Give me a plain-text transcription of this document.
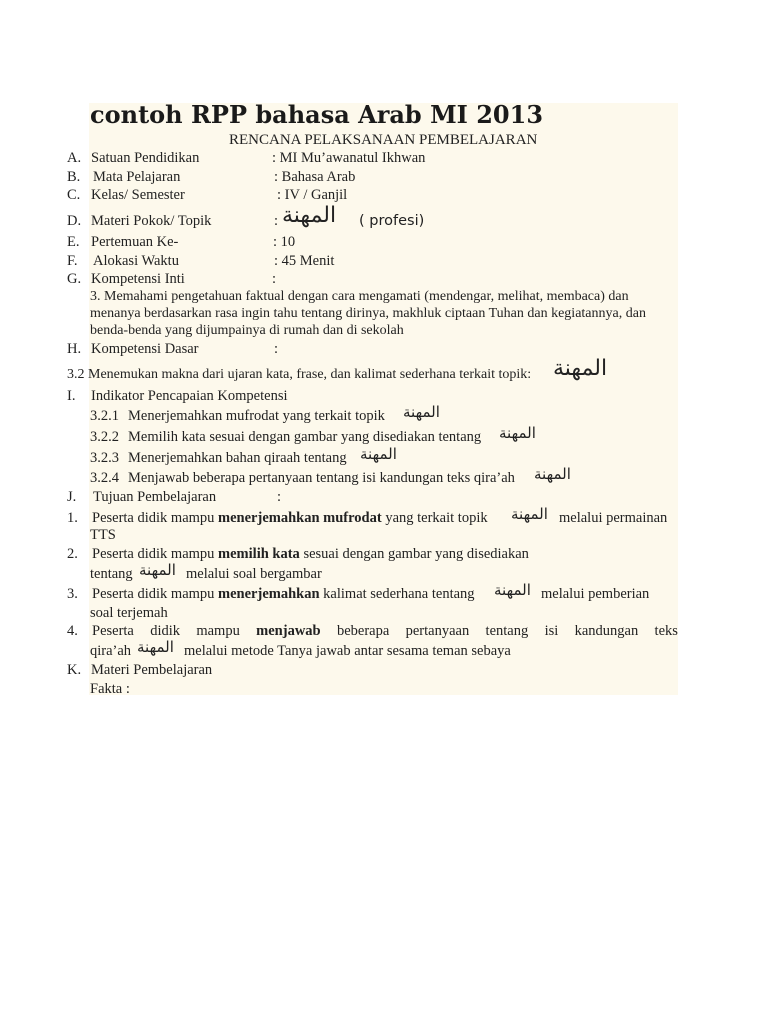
contoh RPP bahasa Arab MI 2013
RENCANA PELAKSANAAN PEMBELAJARAN
A. Satuan Pendidikan	: MI Mu’awanatul Ikhwan
B. Mata Pelajaran	: Bahasa Arab
C. Kelas/ Semester	: IV / Ganjil
D. Materi Pokok/ Topik	: المهنة ( profesi)
E. Pertemuan Ke-	: 10
F. Alokasi Waktu	: 45 Menit
G. Kompetensi Inti	:
3. Memahami pengetahuan faktual dengan cara mengamati (mendengar, melihat, membaca) dan
menanya berdasarkan rasa ingin tahu tentang dirinya, makhluk ciptaan Tuhan dan kegiatannya, dan
benda-benda yang dijumpainya di rumah dan di sekolah
H. Kompetensi Dasar	:
3.2 Menemukan makna dari ujaran kata, frase, dan kalimat sederhana terkait topik: المهنة
I. Indikator Pencapaian Kompetensi
3.2.1 Menerjemahkan mufrodat yang terkait topik المهنة
3.2.2 Memilih kata sesuai dengan gambar yang disediakan tentang المهنة
3.2.3 Menerjemahkan bahan qiraah tentang المهنة
3.2.4 Menjawab beberapa pertanyaan tentang isi kandungan teks qira’ah المهنة
J. Tujuan Pembelajaran	:
1. Peserta didik mampu menerjemahkan mufrodat yang terkait topik المهنة melalui permainan
TTS
2. Peserta didik mampu memilih kata sesuai dengan gambar yang disediakan
tentang المهنة melalui soal bergambar
3. Peserta didik mampu menerjemahkan kalimat sederhana tentang المهنة melalui pemberian
soal terjemah
4. Peserta didik mampu menjawab beberapa pertanyaan tentang isi kandungan teks
qira’ah المهنة melalui metode Tanya jawab antar sesama teman sebaya
K. Materi Pembelajaran
Fakta :
